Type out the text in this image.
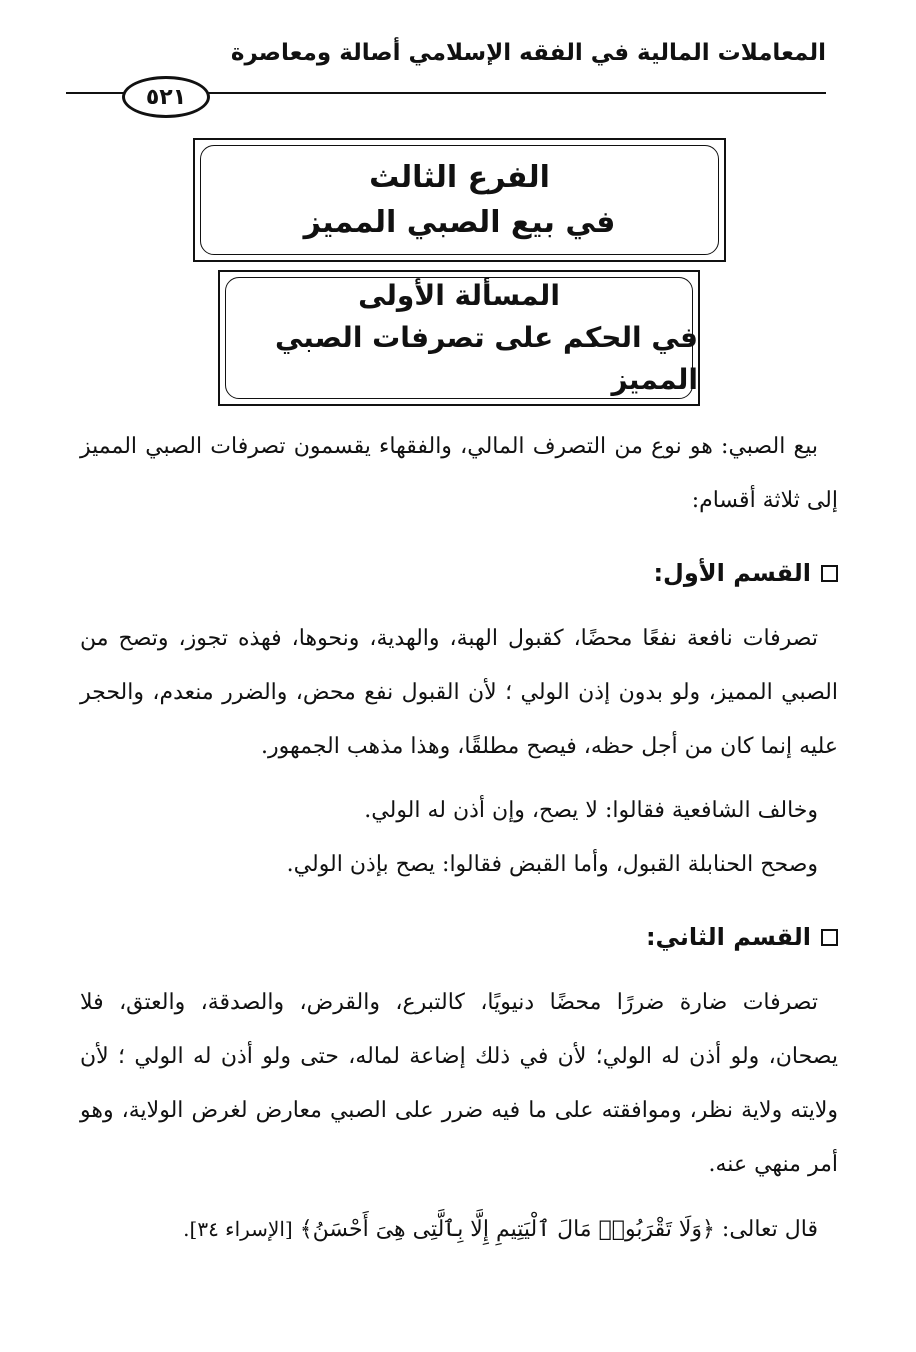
المعاملات المالية في الفقه الإسلامي أصالة ومعاصرة
٥٢١
الفرع الثالث
في بيع الصبي المميز
المسألة الأولى
في الحكم على تصرفات الصبي المميز

بيع الصبي: هو نوع من التصرف المالي، والفقهاء يقسمون تصرفات الصبي المميز إلى ثلاثة أقسام:

القسم الأول:

تصرفات نافعة نفعًا محضًا، كقبول الهبة، والهدية، ونحوها، فهذه تجوز، وتصح من الصبي المميز، ولو بدون إذن الولي ؛ لأن القبول نفع محض، والضرر منعدم، والحجر عليه إنما كان من أجل حظه، فيصح مطلقًا، وهذا مذهب الجمهور.

وخالف الشافعية فقالوا: لا يصح، وإن أذن له الولي.

وصحح الحنابلة القبول، وأما القبض فقالوا: يصح بإذن الولي.

القسم الثاني:

تصرفات ضارة ضررًا محضًا دنيويًا، كالتبرع، والقرض، والصدقة، والعتق، فلا يصحان، ولو أذن له الولي؛ لأن في ذلك إضاعة لماله، حتى ولو أذن له الولي ؛ لأن ولايته ولاية نظر، وموافقته على ما فيه ضرر على الصبي معارض لغرض الولاية، وهو أمر منهي عنه.

قال تعالى: ﴿وَلَا تَقْرَبُوا۟ مَالَ ٱلْيَتِيمِ إِلَّا بِٱلَّتِى هِىَ أَحْسَنُ﴾ [الإسراء ٣٤].
